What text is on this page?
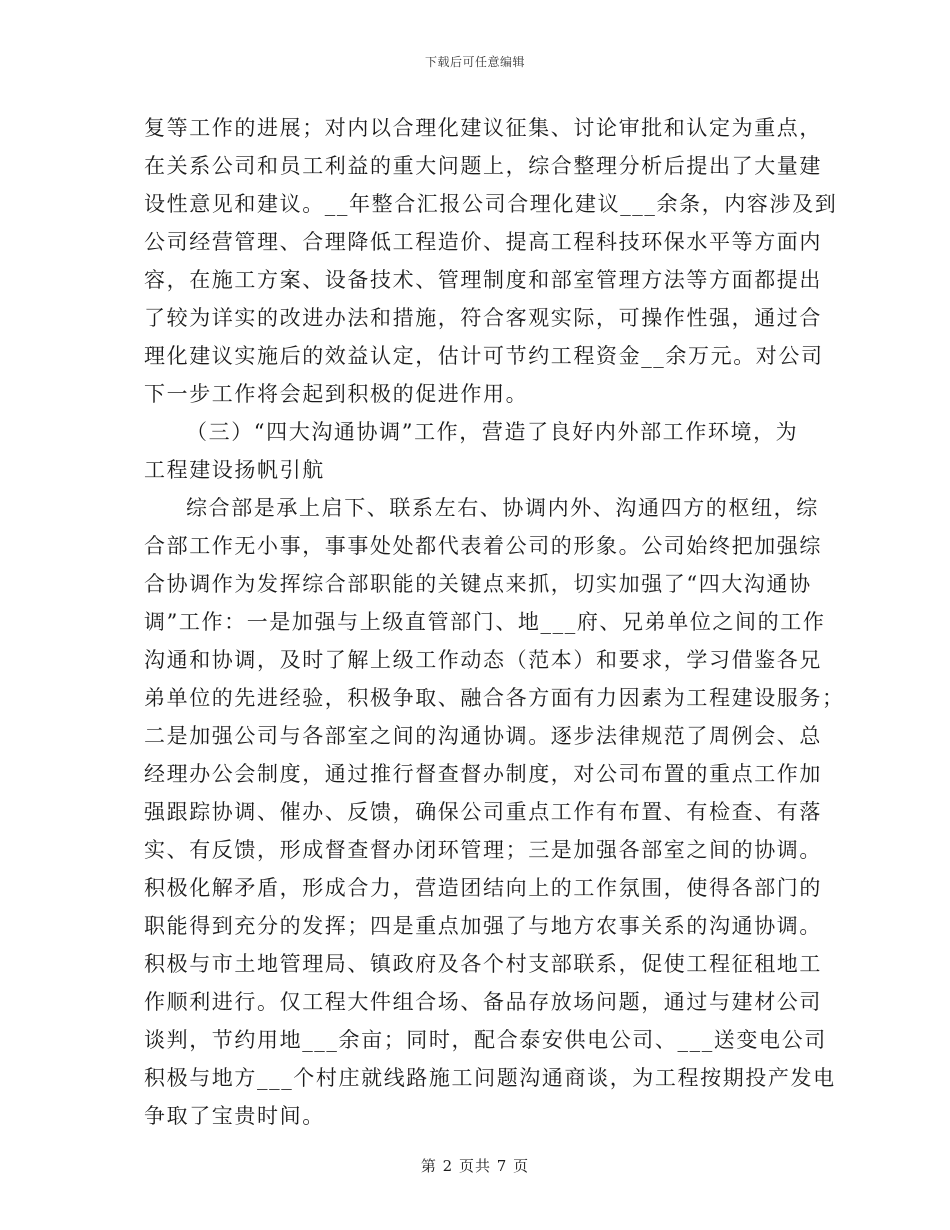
下载后可任意编辑
复等工作的进展；对内以合理化建议征集、讨论审批和认定为重点，
在关系公司和员工利益的重大问题上，综合整理分析后提出了大量建
设性意见和建议。__年整合汇报公司合理化建议___余条，内容涉及到
公司经营管理、合理降低工程造价、提高工程科技环保水平等方面内
容，在施工方案、设备技术、管理制度和部室管理方法等方面都提出
了较为详实的改进办法和措施，符合客观实际，可操作性强，通过合
理化建议实施后的效益认定，估计可节约工程资金__余万元。对公司
下一步工作将会起到积极的促进作用。
（三）“四大沟通协调”工作，营造了良好内外部工作环境，为
工程建设扬帆引航
综合部是承上启下、联系左右、协调内外、沟通四方的枢纽，综
合部工作无小事，事事处处都代表着公司的形象。公司始终把加强综
合协调作为发挥综合部职能的关键点来抓，切实加强了“四大沟通协
调”工作：一是加强与上级直管部门、地___府、兄弟单位之间的工作
沟通和协调，及时了解上级工作动态（范本）和要求，学习借鉴各兄
弟单位的先进经验，积极争取、融合各方面有力因素为工程建设服务；
二是加强公司与各部室之间的沟通协调。逐步法律规范了周例会、总
经理办公会制度，通过推行督查督办制度，对公司布置的重点工作加
强跟踪协调、催办、反馈，确保公司重点工作有布置、有检查、有落
实、有反馈，形成督查督办闭环管理；三是加强各部室之间的协调。
积极化解矛盾，形成合力，营造团结向上的工作氛围，使得各部门的
职能得到充分的发挥；四是重点加强了与地方农事关系的沟通协调。
积极与市土地管理局、镇政府及各个村支部联系，促使工程征租地工
作顺利进行。仅工程大件组合场、备品存放场问题，通过与建材公司
谈判，节约用地___余亩；同时，配合泰安供电公司、___送变电公司
积极与地方___个村庄就线路施工问题沟通商谈，为工程按期投产发电
争取了宝贵时间。
第 2 页共 7 页
